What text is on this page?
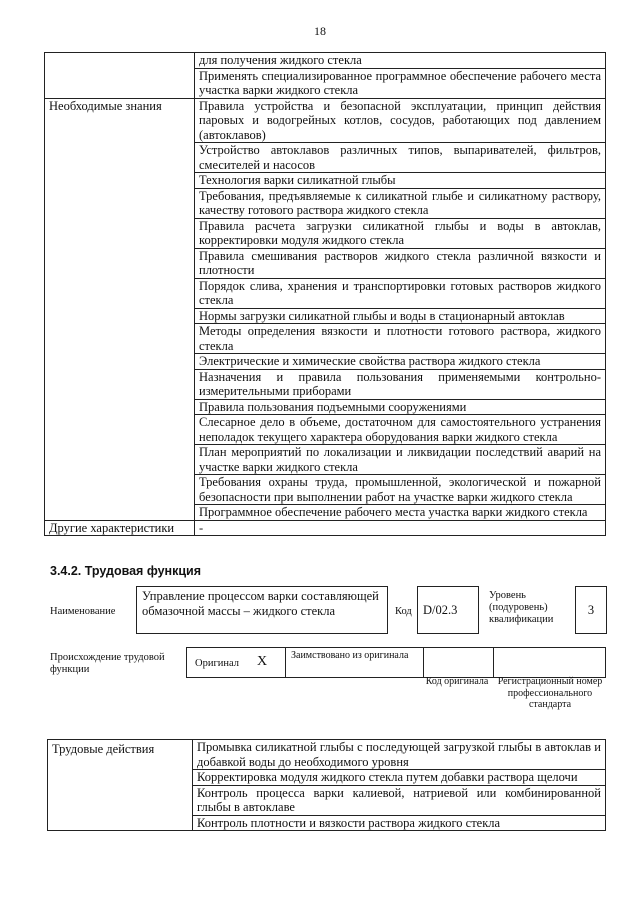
18
	для получения жидкого стекла
	Применять специализированное программное обеспечение рабочего места участка варки жидкого стекла
Необходимые знания	Правила устройства и безопасной эксплуатации, принцип действия паровых и водогрейных котлов, сосудов, работающих под давлением (автоклавов)
	Устройство автоклавов различных типов, выпаривателей, фильтров, смесителей и насосов
	Технология варки силикатной глыбы
	Требования, предъявляемые к силикатной глыбе и силикатному раствору, качеству готового раствора жидкого стекла
	Правила расчета загрузки силикатной глыбы и воды в автоклав, корректировки модуля жидкого стекла
	Правила смешивания растворов жидкого стекла различной вязкости и плотности
	Порядок слива, хранения и транспортировки готовых растворов жидкого стекла
	Нормы загрузки силикатной глыбы и воды в стационарный автоклав
	Методы определения вязкости и плотности готового раствора, жидкого стекла
	Электрические и химические свойства раствора жидкого стекла
	Назначения и правила пользования применяемыми контрольно-измерительными приборами
	Правила пользования подъемными сооружениями
	Слесарное дело в объеме, достаточном для самостоятельного устранения неполадок текущего характера оборудования варки жидкого стекла
	План мероприятий по локализации и ликвидации последствий аварий на участке варки жидкого стекла
	Требования охраны труда, промышленной, экологической и пожарной безопасности при выполнении работ на участке варки жидкого стекла
	Программное обеспечение рабочего места участка варки жидкого стекла
Другие характеристики	-
3.4.2. Трудовая функция
Наименование
Управление процессом варки составляющей обмазочной массы – жидкого стекла	Код D/02.3
Уровень (подуровень) квалификации
3
Происхождение трудовой функции
Оригинал X Заимствовано из оригинала
Код оригинала Регистрационный номер профессионального стандарта
Трудовые действия	Промывка силикатной глыбы с последующей загрузкой глыбы в автоклав и добавкой воды до необходимого уровня
Корректировка модуля жидкого стекла путем добавки раствора щелочи
Контроль процесса варки калиевой, натриевой или комбинированной глыбы в автоклаве
Контроль плотности и вязкости раствора жидкого стекла
